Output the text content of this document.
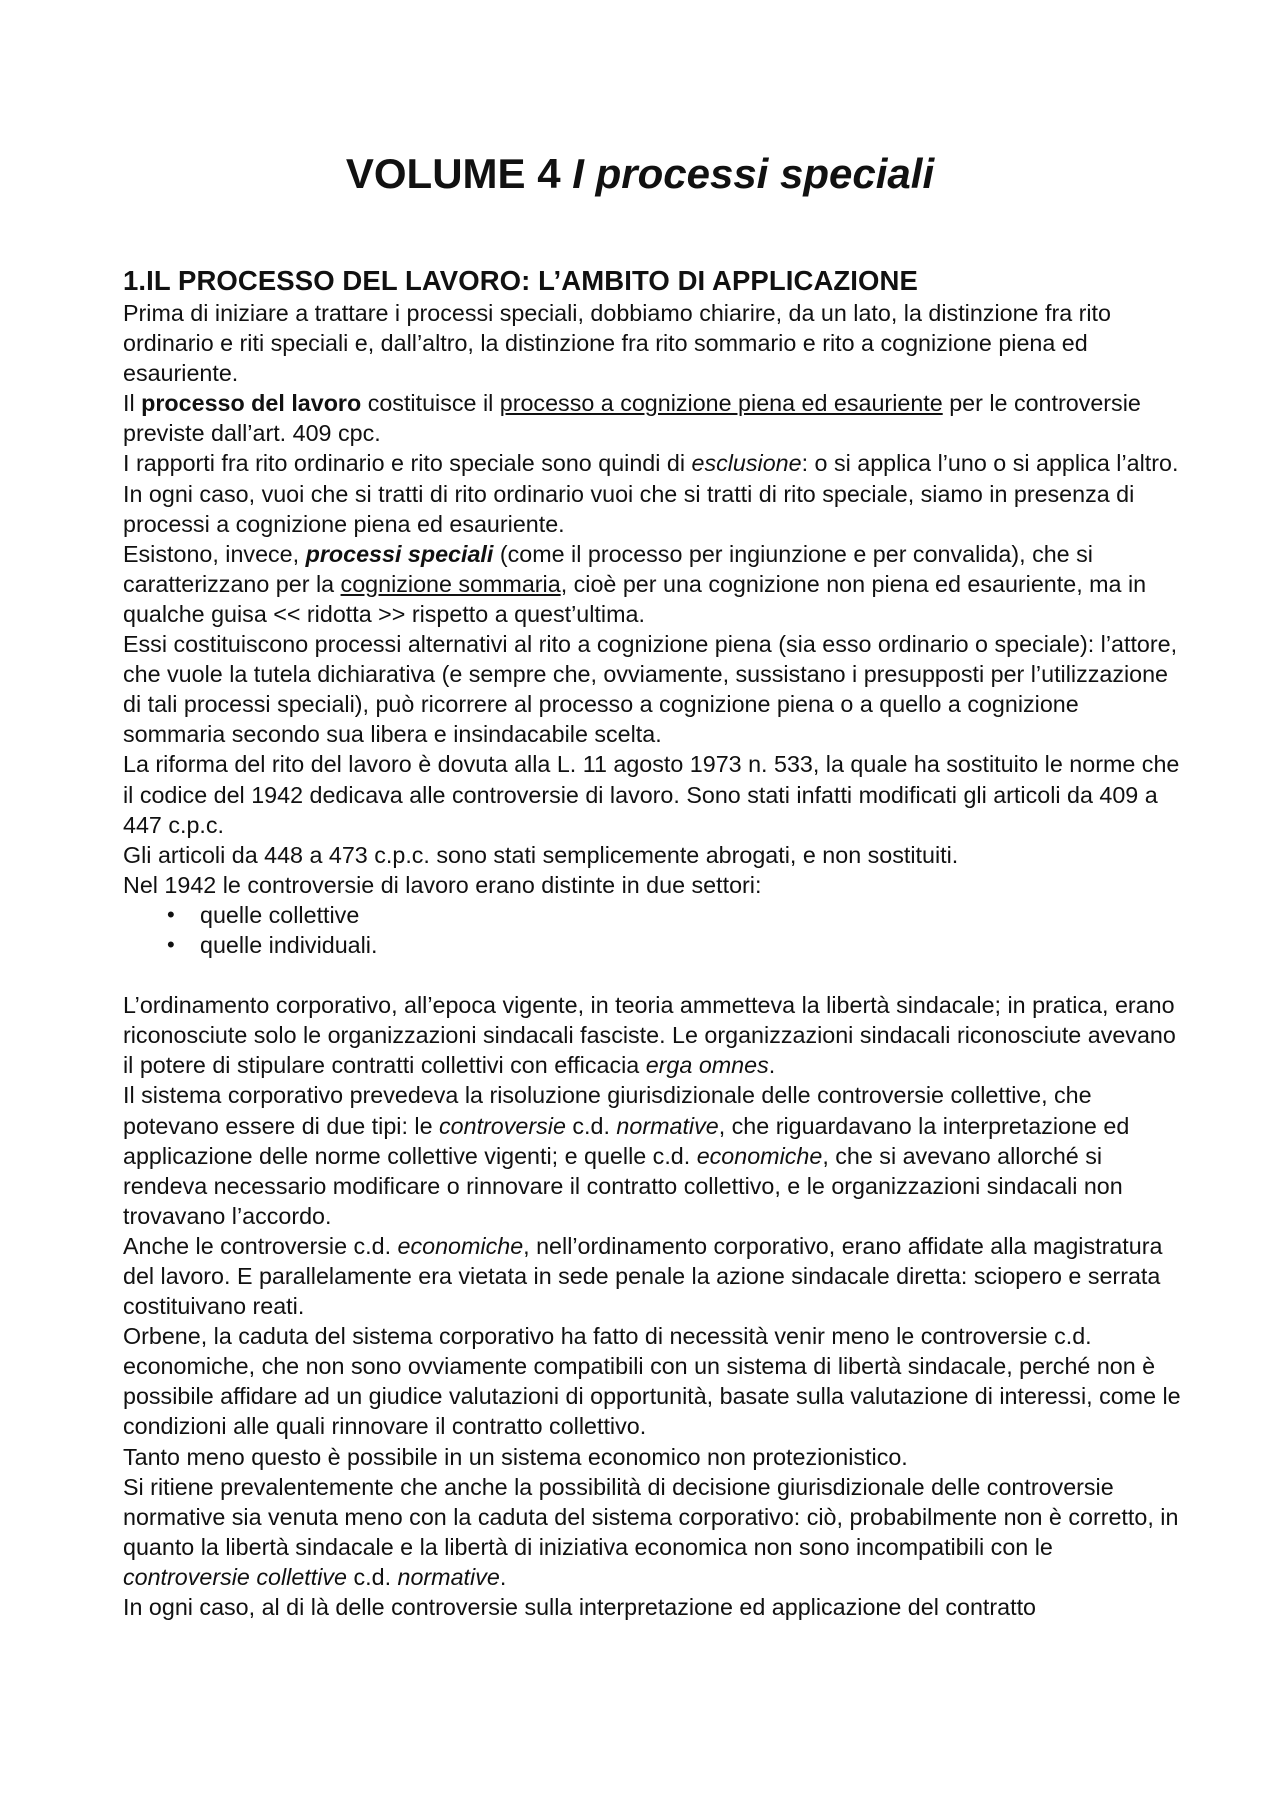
VOLUME 4 I processi speciali
1.IL PROCESSO DEL LAVORO: L’AMBITO DI APPLICAZIONE

Prima di iniziare a trattare i processi speciali, dobbiamo chiarire, da un lato, la distinzione fra rito ordinario e riti speciali e, dall’altro, la distinzione fra rito sommario e rito a cognizione piena ed esauriente.

Il processo del lavoro costituisce il processo a cognizione piena ed esauriente per le controversie previste dall’art. 409 cpc.

I rapporti fra rito ordinario e rito speciale sono quindi di esclusione: o si applica l’uno o si applica l’altro. In ogni caso, vuoi che si tratti di rito ordinario vuoi che si tratti di rito speciale, siamo in presenza di processi a cognizione piena ed esauriente.

Esistono, invece, processi speciali (come il processo per ingiunzione e per convalida), che si caratterizzano per la cognizione sommaria, cioè per una cognizione non piena ed esauriente, ma in qualche guisa << ridotta >> rispetto a quest’ultima.

Essi costituiscono processi alternativi al rito a cognizione piena (sia esso ordinario o speciale): l’attore, che vuole la tutela dichiarativa (e sempre che, ovviamente, sussistano i presupposti per l’utilizzazione di tali processi speciali), può ricorrere al processo a cognizione piena o a quello a cognizione sommaria secondo sua libera e insindacabile scelta.

La riforma del rito del lavoro è dovuta alla L. 11 agosto 1973 n. 533, la quale ha sostituito le norme che il codice del 1942 dedicava alle controversie di lavoro. Sono stati infatti modificati gli articoli da 409 a 447 c.p.c.

Gli articoli da 448 a 473 c.p.c. sono stati semplicemente abrogati, e non sostituiti.

Nel 1942 le controversie di lavoro erano distinte in due settori:

• quelle collettive
• quelle individuali.

L’ordinamento corporativo, all’epoca vigente, in teoria ammetteva la libertà sindacale; in pratica, erano riconosciute solo le organizzazioni sindacali fasciste. Le organizzazioni sindacali riconosciute avevano il potere di stipulare contratti collettivi con efficacia erga omnes.

Il sistema corporativo prevedeva la risoluzione giurisdizionale delle controversie collettive, che potevano essere di due tipi: le controversie c.d. normative, che riguardavano la interpretazione ed applicazione delle norme collettive vigenti; e quelle c.d. economiche, che si avevano allorché si rendeva necessario modificare o rinnovare il contratto collettivo, e le organizzazioni sindacali non trovavano l’accordo.

Anche le controversie c.d. economiche, nell’ordinamento corporativo, erano affidate alla magistratura del lavoro. E parallelamente era vietata in sede penale la azione sindacale diretta: sciopero e serrata costituivano reati.

Orbene, la caduta del sistema corporativo ha fatto di necessità venir meno le controversie c.d. economiche, che non sono ovviamente compatibili con un sistema di libertà sindacale, perché non è possibile affidare ad un giudice valutazioni di opportunità, basate sulla valutazione di interessi, come le condizioni alle quali rinnovare il contratto collettivo.

Tanto meno questo è possibile in un sistema economico non protezionistico.

Si ritiene prevalentemente che anche la possibilità di decisione giurisdizionale delle controversie normative sia venuta meno con la caduta del sistema corporativo: ciò, probabilmente non è corretto, in quanto la libertà sindacale e la libertà di iniziativa economica non sono incompatibili con le controversie collettive c.d. normative.

In ogni caso, al di là delle controversie sulla interpretazione ed applicazione del contratto
